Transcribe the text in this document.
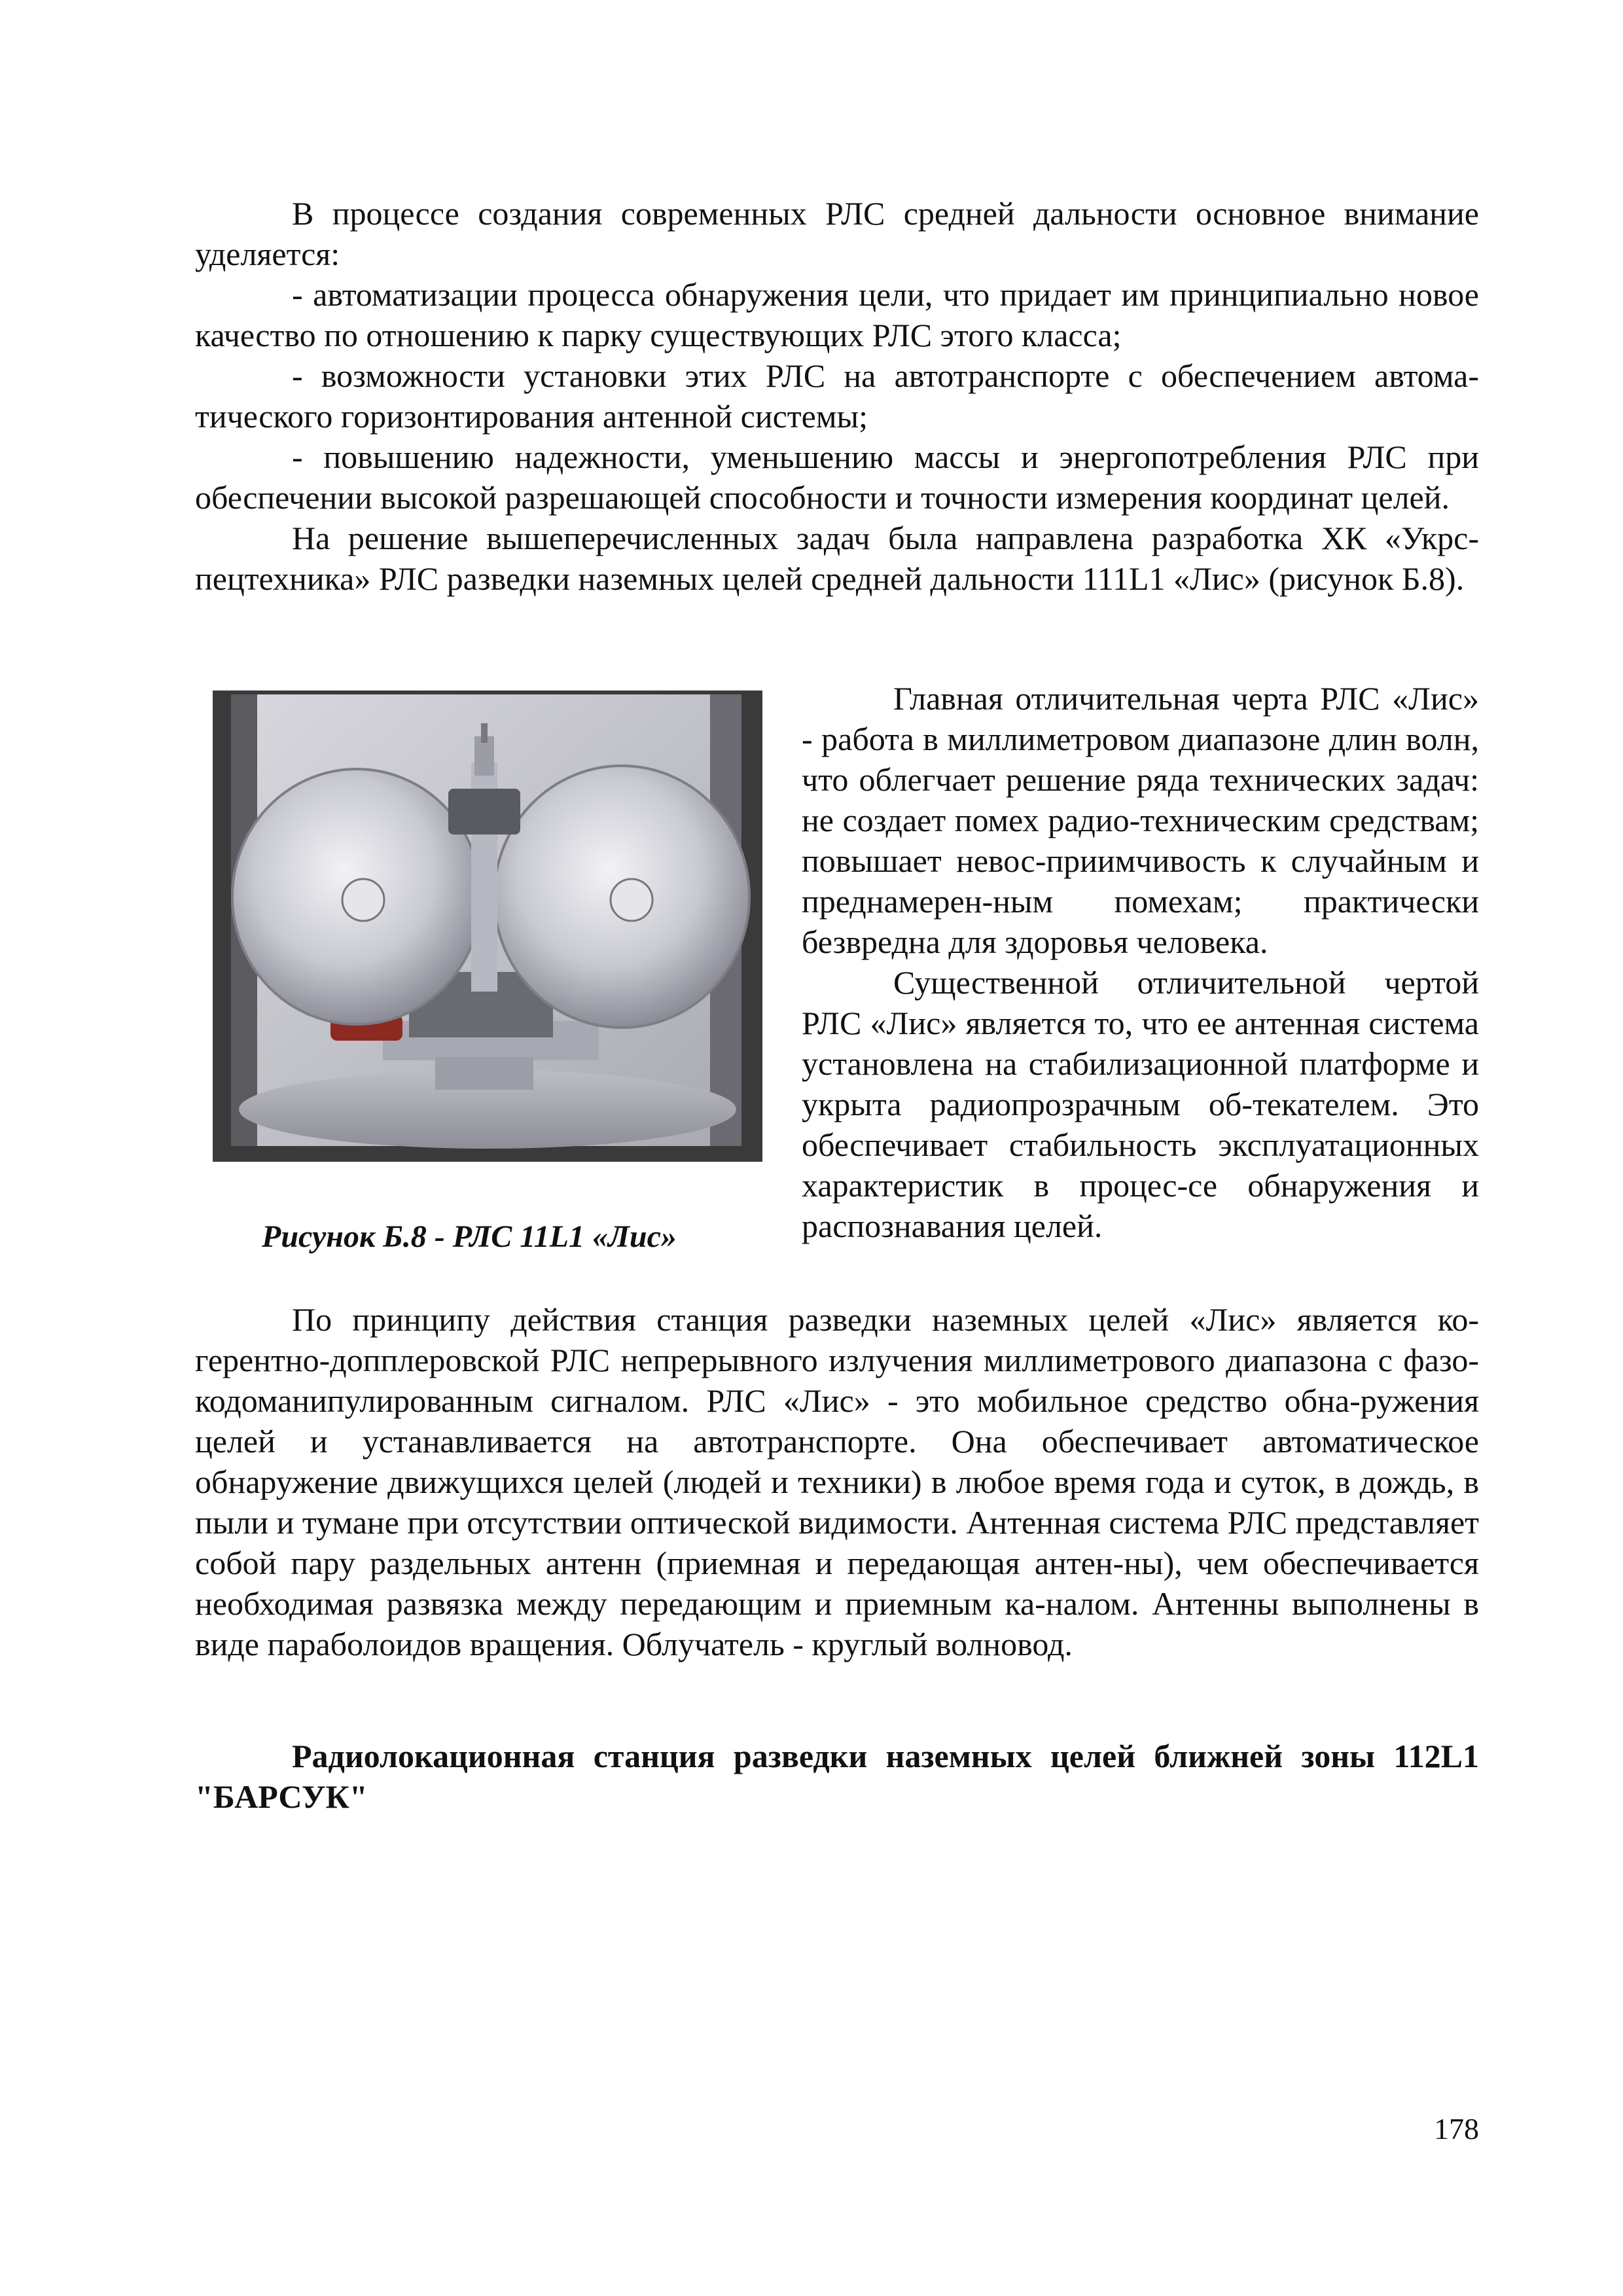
В процессе создания современных РЛС средней дальности основное внимание уделяется:

- автоматизации процесса обнаружения цели, что придает им принципиально новое качество по отношению к парку существующих РЛС этого класса;

- возможности установки этих РЛС на автотранспорте с обеспечением автома-тического горизонтирования антенной системы;

- повышению надежности, уменьшению массы и энергопотребления РЛС при обеспечении высокой разрешающей способности и точности измерения координат целей.

На решение вышеперечисленных задач была направлена разработка ХК «Укрс-пецтехника» РЛС разведки наземных целей средней дальности 111L1 «Лис» (рисунок Б.8).

Главная отличительная черта РЛС «Лис» - работа в миллиметровом диапазоне длин волн, что облегчает решение ряда технических задач: не создает помех радио-техническим средствам; повышает невос-приимчивость к случайным и преднамерен-ным помехам; практически безвредна для здоровья человека.

Существенной отличительной чертой РЛС «Лис» является то, что ее антенная система установлена на стабилизационной платформе и укрыта радиопрозрачным об-текателем. Это обеспечивает стабильность эксплуатационных характеристик в процес-се обнаружения и распознавания целей.

Рисунок Б.8 - РЛС 11L1 «Лис»

По принципу действия станция разведки наземных целей «Лис» является ко-герентно-допплеровской РЛС непрерывного излучения миллиметрового диапазона с фазо-кодоманипулированным сигналом. РЛС «Лис» - это мобильное средство обна-ружения целей и устанавливается на автотранспорте. Она обеспечивает автоматическое обнаружение движущихся целей (людей и техники) в любое время года и суток, в дождь, в пыли и тумане при отсутствии оптической видимости. Антенная система РЛС представляет собой пару раздельных антенн (приемная и передающая антен-ны), чем обеспечивается необходимая развязка между передающим и приемным ка-налом. Антенны выполнены в виде параболоидов вращения. Облучатель - круглый волновод.

Радиолокационная станция разведки наземных целей ближней зоны 112L1 "БАРСУК"

178
